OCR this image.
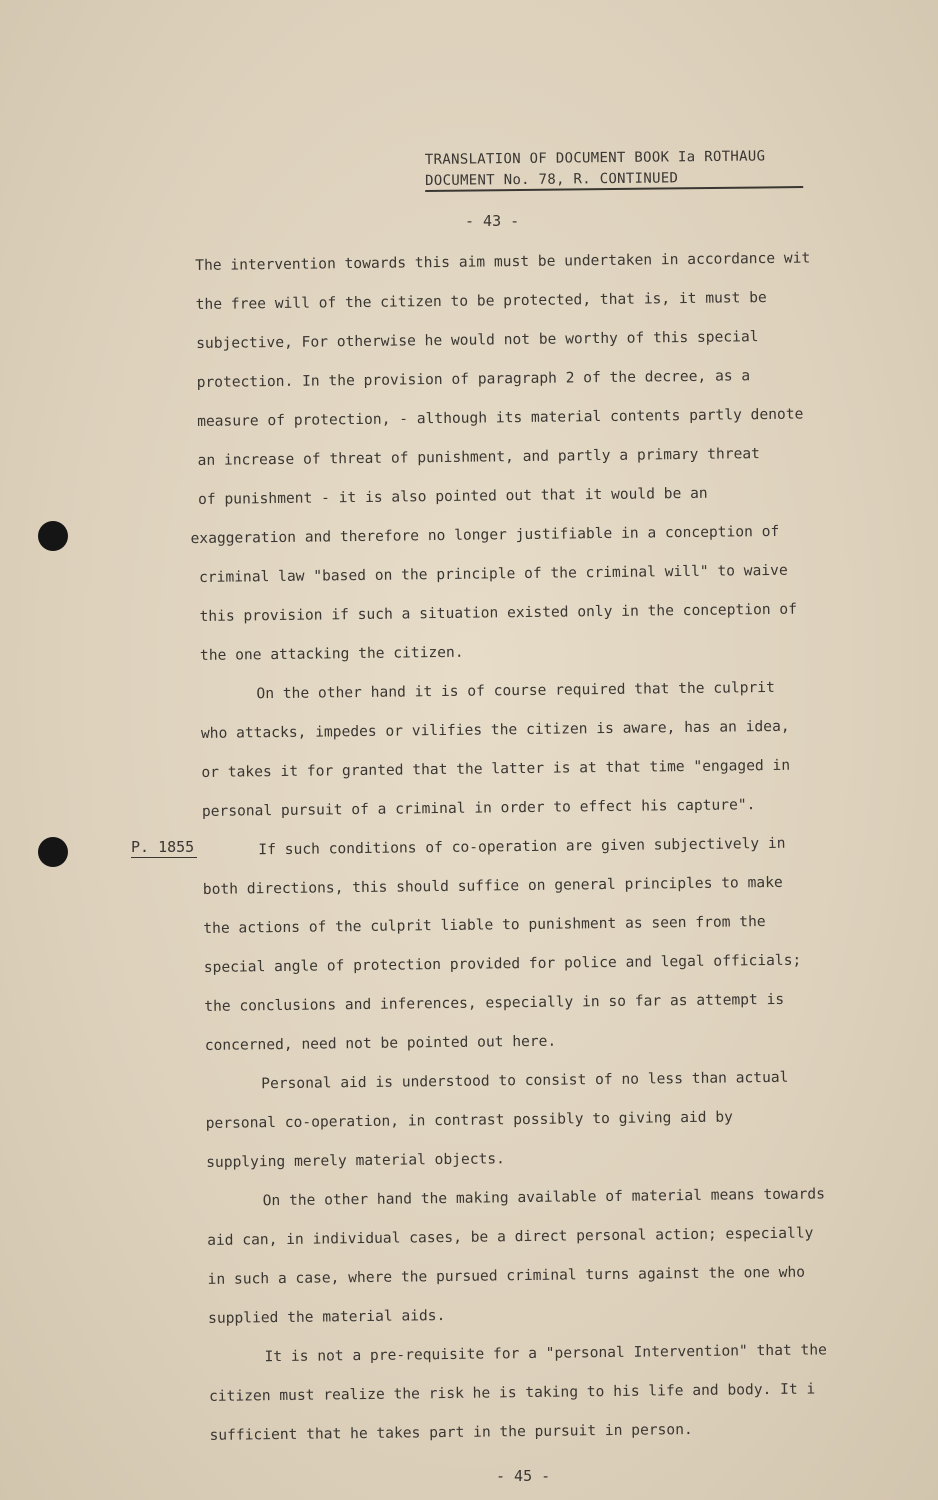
TRANSLATION OF DOCUMENT BOOK Ia ROTHAUG
DOCUMENT No. 78, R. CONTINUED
- 43 -
P. 1855
The intervention towards this aim must be undertaken in accordance wit
the free will of the citizen to be protected, that is, it must be
subjective, For otherwise he would not be worthy of this special
protection. In the provision of paragraph 2 of the decree, as a
measure of protection, - although its material contents partly denote
an increase of threat of punishment, and partly a primary threat
of punishment - it is also pointed out that it would be an
exaggeration and therefore no longer justifiable in a conception of
criminal law "based on the principle of the criminal will" to waive
this provision if such a situation existed only in the conception of
the one attacking the citizen.
On the other hand it is of course required that the culprit
who attacks, impedes or vilifies the citizen is aware, has an idea,
or takes it for granted that the latter is at that time "engaged in
personal pursuit of a criminal in order to effect his capture".
If such conditions of co-operation are given subjectively in
both directions, this should suffice on general principles to make
the actions of the culprit liable to punishment as seen from the
special angle of protection provided for police and legal officials;
the conclusions and inferences, especially in so far as attempt is
concerned, need not be pointed out here.
Personal aid is understood to consist of no less than actual
personal co-operation, in contrast possibly to giving aid by
supplying merely material objects.
On the other hand the making available of material means towards
aid can, in individual cases, be a direct personal action; especially
in such a case, where the pursued criminal turns against the one who
supplied the material aids.
It is not a pre-requisite for a "personal Intervention" that the
citizen must realize the risk he is taking to his life and body. It i
sufficient that he takes part in the pursuit in person.
- 45 -
